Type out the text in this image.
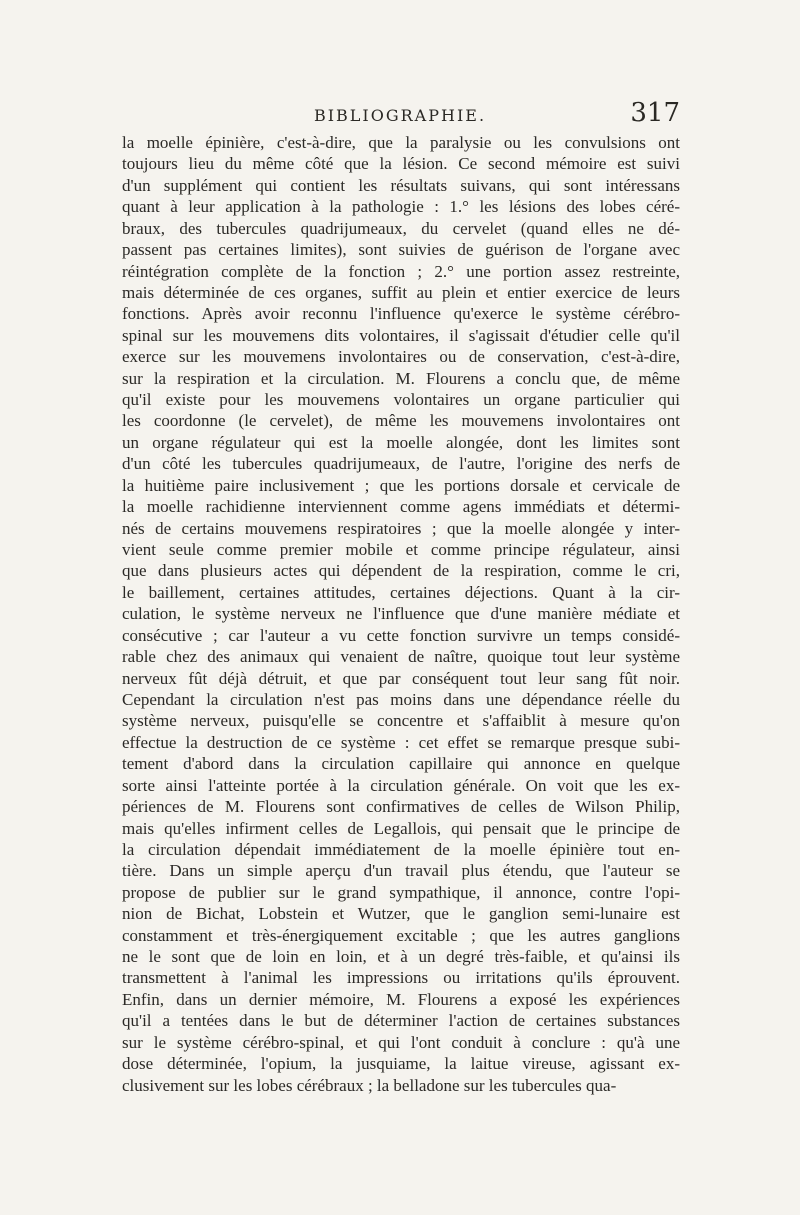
BIBLIOGRAPHIE.	317
la moelle épinière, c'est-à-dire, que la paralysie ou les convulsions ont
toujours lieu du même côté que la lésion. Ce second mémoire est suivi
d'un supplément qui contient les résultats suivans, qui sont intéressans
quant à leur application à la pathologie : 1.° les lésions des lobes céré-
braux, des tubercules quadrijumeaux, du cervelet (quand elles ne dé-
passent pas certaines limites), sont suivies de guérison de l'organe avec
réintégration complète de la fonction ; 2.° une portion assez restreinte,
mais déterminée de ces organes, suffit au plein et entier exercice de leurs
fonctions. Après avoir reconnu l'influence qu'exerce le système cérébro-
spinal sur les mouvemens dits volontaires, il s'agissait d'étudier celle qu'il
exerce sur les mouvemens involontaires ou de conservation, c'est-à-dire,
sur la respiration et la circulation. M. Flourens a conclu que, de même
qu'il existe pour les mouvemens volontaires un organe particulier qui
les coordonne (le cervelet), de même les mouvemens involontaires ont
un organe régulateur qui est la moelle alongée, dont les limites sont
d'un côté les tubercules quadrijumeaux, de l'autre, l'origine des nerfs de
la huitième paire inclusivement ; que les portions dorsale et cervicale de
la moelle rachidienne interviennent comme agens immédiats et détermi-
nés de certains mouvemens respiratoires ; que la moelle alongée y inter-
vient seule comme premier mobile et comme principe régulateur, ainsi
que dans plusieurs actes qui dépendent de la respiration, comme le cri,
le baillement, certaines attitudes, certaines déjections. Quant à la cir-
culation, le système nerveux ne l'influence que d'une manière médiate et
consécutive ; car l'auteur a vu cette fonction survivre un temps considé-
rable chez des animaux qui venaient de naître, quoique tout leur système
nerveux fût déjà détruit, et que par conséquent tout leur sang fût noir.
Cependant la circulation n'est pas moins dans une dépendance réelle du
système nerveux, puisqu'elle se concentre et s'affaiblit à mesure qu'on
effectue la destruction de ce système : cet effet se remarque presque subi-
tement d'abord dans la circulation capillaire qui annonce en quelque
sorte ainsi l'atteinte portée à la circulation générale. On voit que les ex-
périences de M. Flourens sont confirmatives de celles de Wilson Philip,
mais qu'elles infirment celles de Legallois, qui pensait que le principe de
la circulation dépendait immédiatement de la moelle épinière tout en-
tière. Dans un simple aperçu d'un travail plus étendu, que l'auteur se
propose de publier sur le grand sympathique, il annonce, contre l'opi-
nion de Bichat, Lobstein et Wutzer, que le ganglion semi-lunaire est
constamment et très-énergiquement excitable ; que les autres ganglions
ne le sont que de loin en loin, et à un degré très-faible, et qu'ainsi ils
transmettent à l'animal les impressions ou irritations qu'ils éprouvent.
Enfin, dans un dernier mémoire, M. Flourens a exposé les expériences
qu'il a tentées dans le but de déterminer l'action de certaines substances
sur le système cérébro-spinal, et qui l'ont conduit à conclure : qu'à une
dose déterminée, l'opium, la jusquiame, la laitue vireuse, agissant ex-
clusivement sur les lobes cérébraux ; la belladone sur les tubercules qua-
